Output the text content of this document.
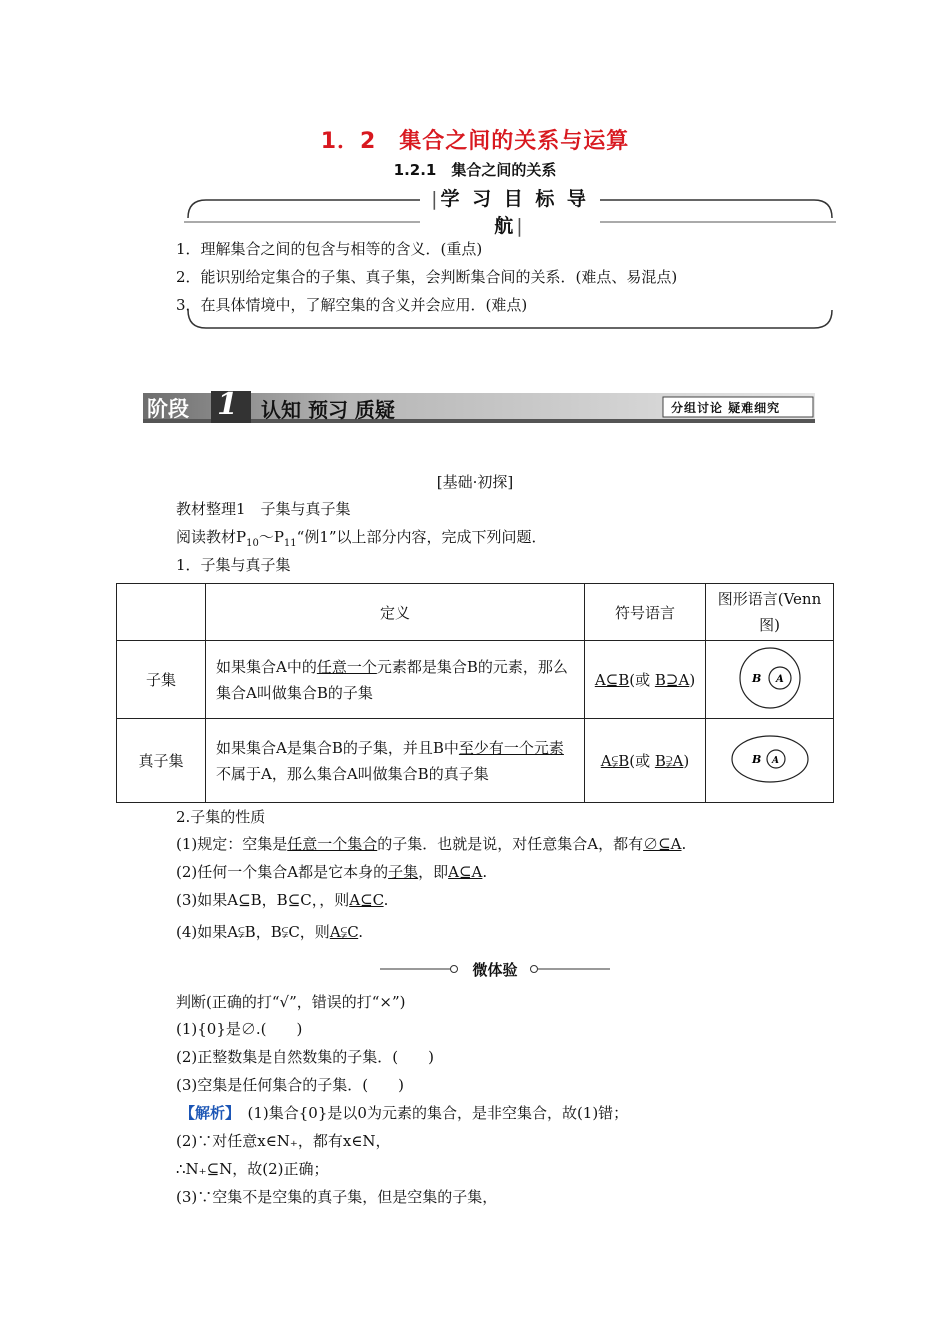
1．2　集合之间的关系与运算
1.2.1　集合之间的关系
|学 习 目 标 导 航|
1．理解集合之间的包含与相等的含义．(重点)
2．能识别给定集合的子集、真子集，会判断集合间的关系．(难点、易混点)
3．在具体情境中，了解空集的含义并会应用．(难点)
阶段 1 认知 预习 质疑	分组讨论 疑难细究
[基础·初探]
教材整理1　子集与真子集
阅读教材$P_{10}\sim P_{11}“$例1”以上部分内容，完成下列问题．
1．子集与真子集
	定义	符号语言	图形语言(Venn图)
子集	如果集合A中的任意一个元素都是集合B的元素，那么集合A叫做集合B的子集	A⊆B(或 B⊇A)	B A

真子集	如果集合A是集合B的子集，并且B中至少有一个元素不属于A，那么集合A叫做集合B的真子集	A⫋B(或 B⫌A)	B A
2.子集的性质
(1)规定：空集是任意一个集合的子集．也就是说，对任意集合A，都有∅⊆A.
(2)任何一个集合A都是它本身的子集，即A⊆A.
(3)如果A⊆B，B⊆C，，则A⊆C.
(4)如果A⫋B，B⫋C，则A⫋C.
微体验
判断(正确的打“√”，错误的打“×”)
(1){0}是∅.(　　)
(2)正整数集是自然数集的子集．(　　)
(3)空集是任何集合的子集．(　　)
【解析】　(1)集合{0}是以0为元素的集合，是非空集合，故(1)错；
(2)∵对任意x∈N₊，都有x∈N，
∴N₊⊆N，故(2)正确；
(3)∵空集不是空集的真子集，但是空集的子集，
